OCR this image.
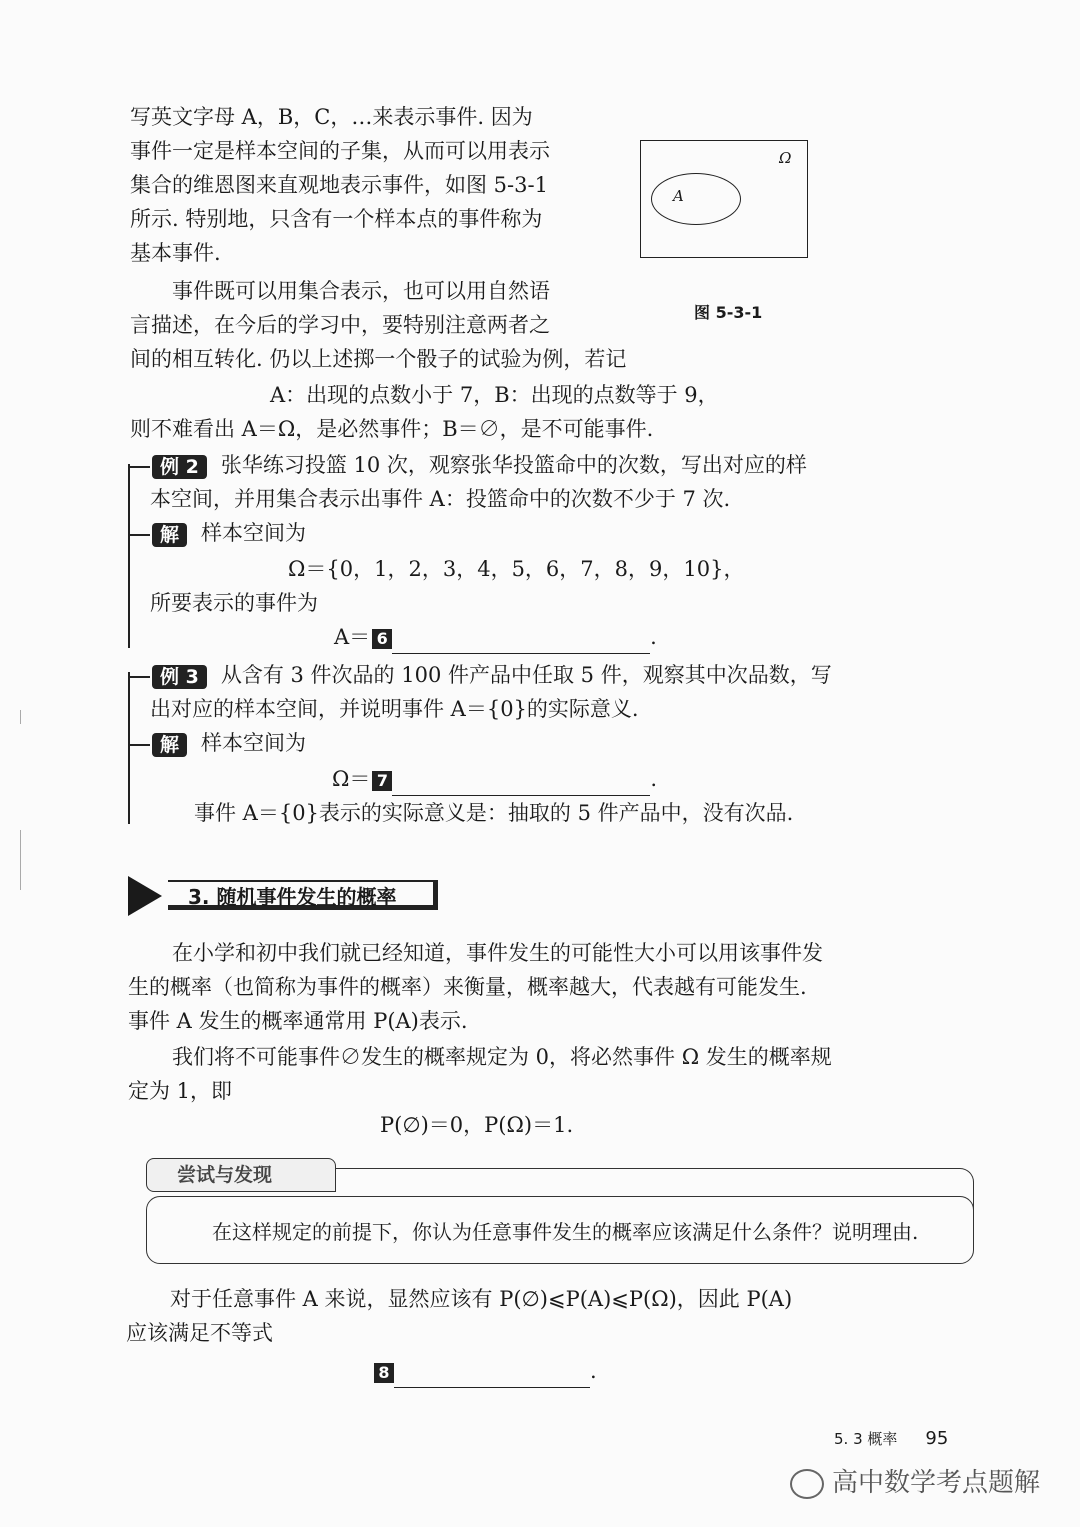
写英文字母 A，B，C，…来表示事件. 因为
事件一定是样本空间的子集，从而可以用表示
集合的维恩图来直观地表示事件，如图 5-3-1
所示. 特别地，只含有一个样本点的事件称为
基本事件.
A
Ω
图 5-3-1
事件既可以用集合表示，也可以用自然语
言描述，在今后的学习中，要特别注意两者之
间的相互转化. 仍以上述掷一个骰子的试验为例，若记
A：出现的点数小于 7，B：出现的点数等于 9，
则不难看出 A＝Ω，是必然事件；B＝∅，是不可能事件.
例 2 张华练习投篮 10 次，观察张华投篮命中的次数，写出对应的样
本空间，并用集合表示出事件 A：投篮命中的次数不少于 7 次.
解 样本空间为
Ω＝{0，1，2，3，4，5，6，7，8，9，10}，
所要表示的事件为
A＝ 6	.
例 3 从含有 3 件次品的 100 件产品中任取 5 件，观察其中次品数，写
出对应的样本空间，并说明事件 A＝{0}的实际意义.
解 样本空间为
Ω＝ 7	.
事件 A＝{0}表示的实际意义是：抽取的 5 件产品中，没有次品.
3. 随机事件发生的概率
在小学和初中我们就已经知道，事件发生的可能性大小可以用该事件发
生的概率（也简称为事件的概率）来衡量，概率越大，代表越有可能发生.
事件 A 发生的概率通常用 P(A)表示.
我们将不可能事件∅发生的概率规定为 0，将必然事件 Ω 发生的概率规
定为 1，即
P(∅)＝0，P(Ω)＝1.
尝试与发现
在这样规定的前提下，你认为任意事件发生的概率应该满足什么条件？说明理由.
对于任意事件 A 来说，显然应该有 P(∅)⩽P(A)⩽P(Ω)，因此 P(A)
应该满足不等式
8	.
5. 3 概率 95
高中数学考点题解
